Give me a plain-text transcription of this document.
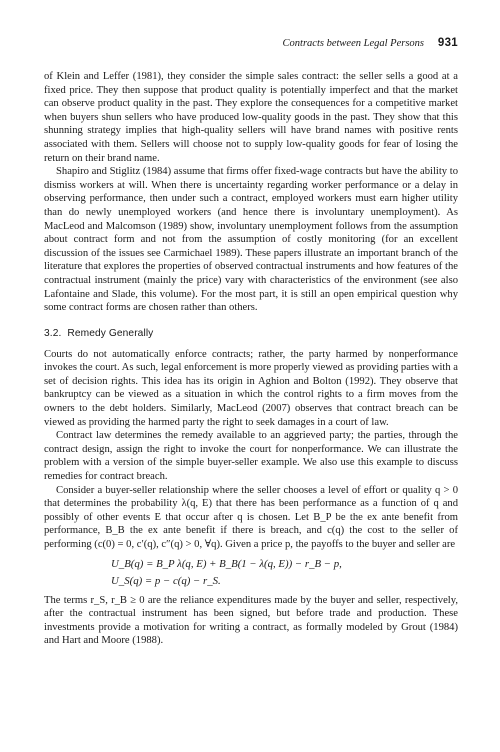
Contracts between Legal Persons 931

of Klein and Leffer (1981), they consider the simple sales contract: the seller sells a good at a fixed price. They then suppose that product quality is potentially imperfect and that the market can observe product quality in the past. They explore the consequences for a competitive market when buyers shun sellers who have produced low-quality goods in the past. They show that this shunning strategy implies that high-quality sellers will have brand names with positive rents associated with them. Sellers will choose not to supply low-quality goods for fear of losing the return on their brand name.

Shapiro and Stiglitz (1984) assume that firms offer fixed-wage contracts but have the ability to dismiss workers at will. When there is uncertainty regarding worker performance or a delay in observing performance, then under such a contract, employed workers must earn higher utility than do newly unemployed workers (and hence there is involuntary unemployment). As MacLeod and Malcomson (1989) show, involuntary unemployment follows from the assumption about contract form and not from the assumption of costly monitoring (for an excellent discussion of the issues see Carmichael 1989). These papers illustrate an important branch of the literature that explores the properties of observed contractual instruments and how features of the contractual instrument (mainly the price) vary with characteristics of the environment (see also Lafontaine and Slade, this volume). For the most part, it is still an open empirical question why some contract forms are chosen rather than others.

3.2. Remedy Generally

Courts do not automatically enforce contracts; rather, the party harmed by nonperformance invokes the court. As such, legal enforcement is more properly viewed as providing parties with a set of decision rights. This idea has its origin in Aghion and Bolton (1992). They observe that bankruptcy can be viewed as a situation in which the control rights to a firm moves from the owners to the debt holders. Similarly, MacLeod (2007) observes that contract breach can be viewed as providing the harmed party the right to seek damages in a court of law.

Contract law determines the remedy available to an aggrieved party; the parties, through the contract design, assign the right to invoke the court for nonperformance. We can illustrate the problem with a version of the simple buyer-seller example. We also use this example to discuss remedies for contract breach.

Consider a buyer-seller relationship where the seller chooses a level of effort or quality q > 0 that determines the probability λ(q, E) that there has been performance as a function of q and possibly of other events E that occur after q is chosen. Let B_P be the ex ante benefit from performance, B_B the ex ante benefit if there is breach, and c(q) the cost to the seller of performing (c(0) = 0, c′(q), c″(q) > 0, ∀q). Given a price p, the payoffs to the buyer and seller are

U_B(q) = B_P λ(q, E) + B_B(1 − λ(q, E)) − r_B − p,
U_S(q) = p − c(q) − r_S.

The terms r_S, r_B ≥ 0 are the reliance expenditures made by the buyer and seller, respectively, after the contractual instrument has been signed, but before trade and production. These investments provide a motivation for writing a contract, as formally modeled by Grout (1984) and Hart and Moore (1988).
